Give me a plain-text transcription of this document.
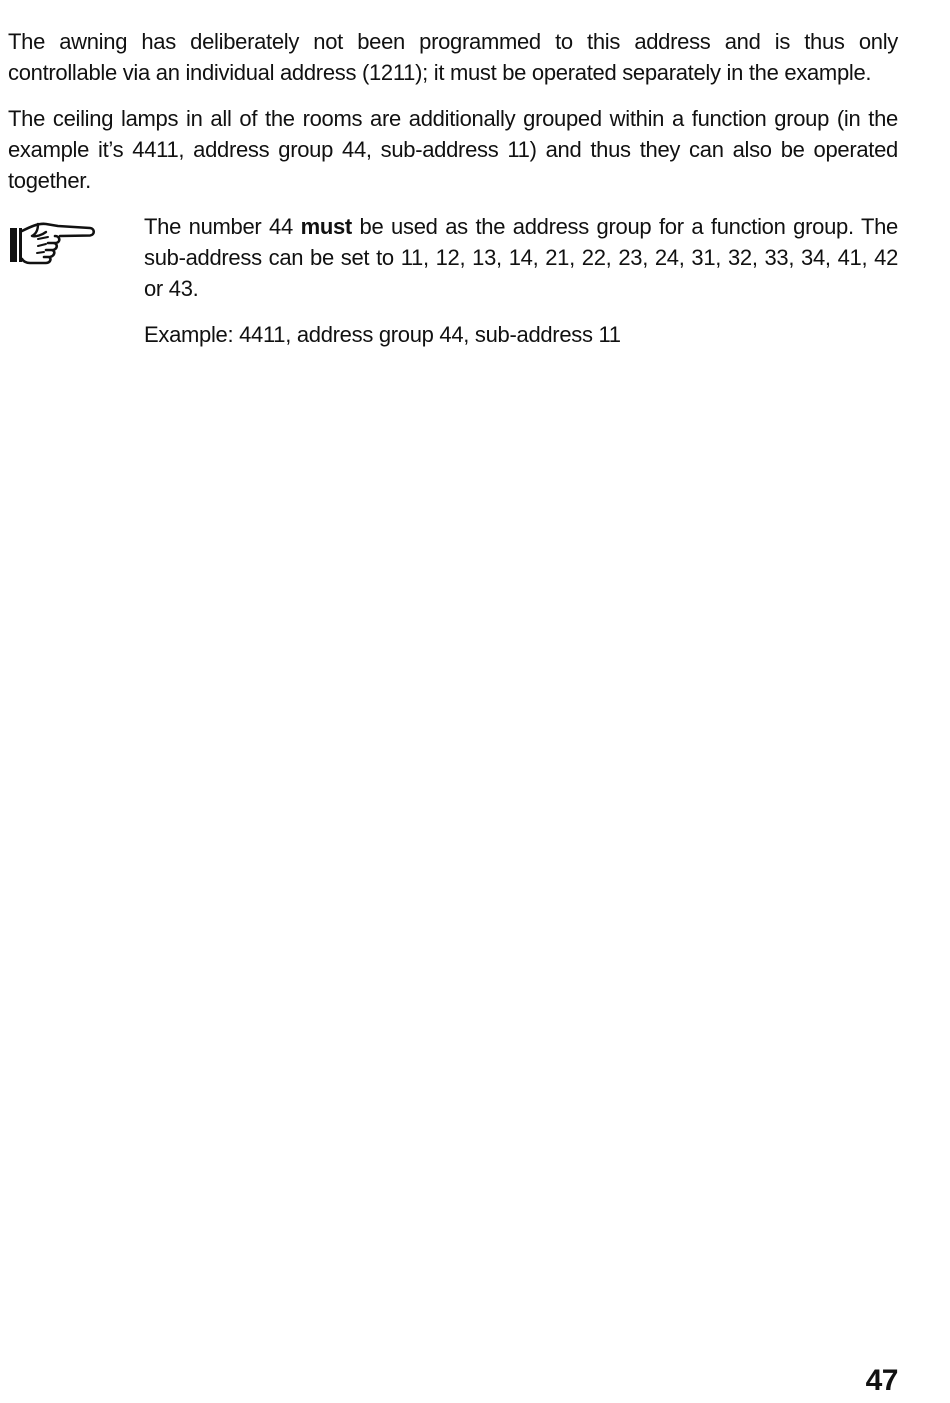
The awning has deliberately not been programmed to this address and is thus only controllable via an individual address (1211); it must be operated separately in the example.

The ceiling lamps in all of the rooms are additionally grouped within a function group (in the example it’s 4411, address group 44, sub-address 11) and thus they can also be operated together.

The number 44 must be used as the address group for a function group. The sub-address can be set to 11, 12, 13, 14, 21, 22, 23, 24, 31, 32, 33, 34, 41, 42 or 43.

Example: 4411, address group 44, sub-address 11

47
